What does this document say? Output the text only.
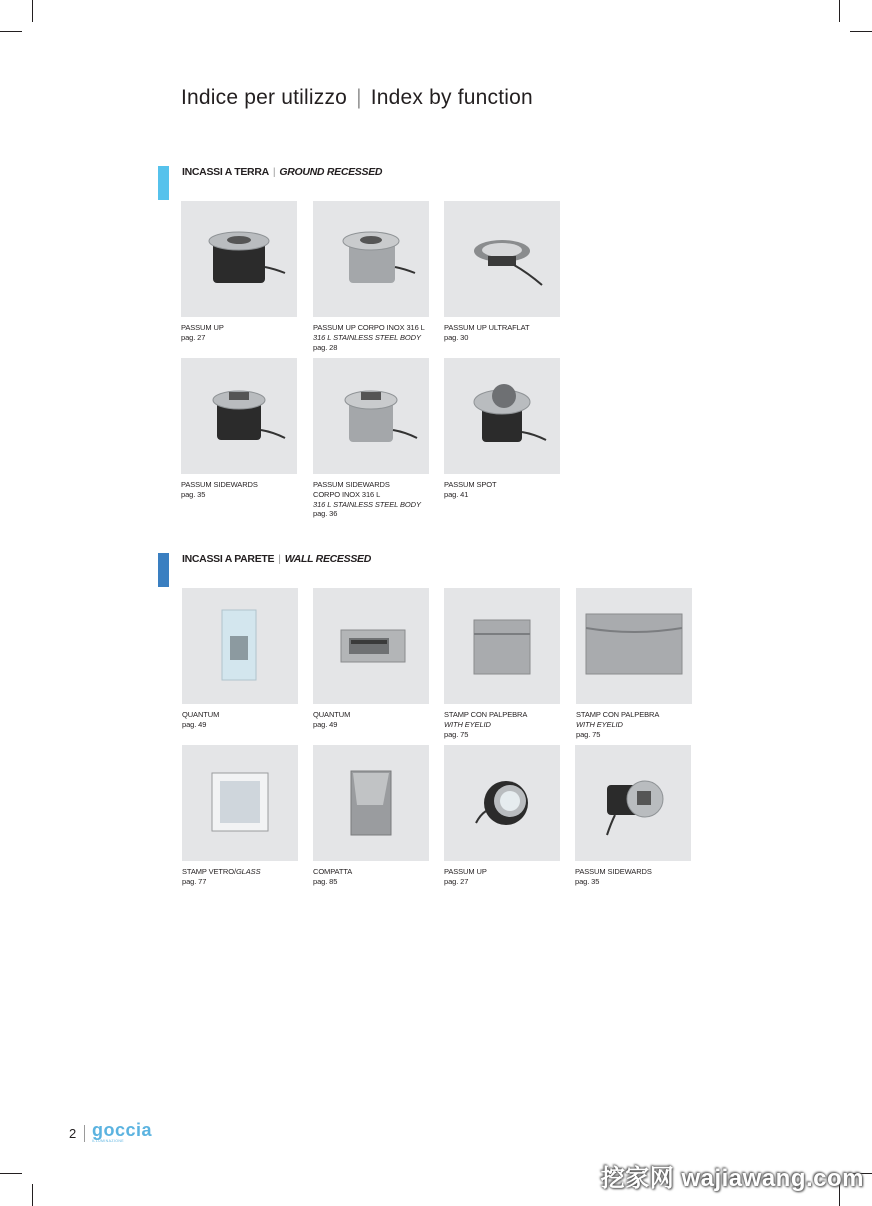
Indice per utilizzo | Index by function
INCASSI A TERRA | GROUND RECESSED
INCASSI A PARETE | WALL RECESSED
PASSUM UP
pag. 27
PASSUM UP CORPO INOX 316 L
316 L STAINLESS STEEL BODY
pag. 28
PASSUM UP ULTRAFLAT
pag. 30
PASSUM SIDEWARDS
pag. 35
PASSUM SIDEWARDS
CORPO INOX 316 L
316 L STAINLESS STEEL BODY
pag. 36
PASSUM SPOT
pag. 41
QUANTUM
pag. 49
QUANTUM
pag. 49
STAMP CON PALPEBRA
WITH EYELID
pag. 75
STAMP CON PALPEBRA
WITH EYELID
pag. 75
STAMP VETRO/GLASS
pag. 77
COMPATTA
pag. 85
PASSUM UP
pag. 27
PASSUM SIDEWARDS
pag. 35
2 goccia
ILLUMINAZIONE
挖家网 wajiawang.com
